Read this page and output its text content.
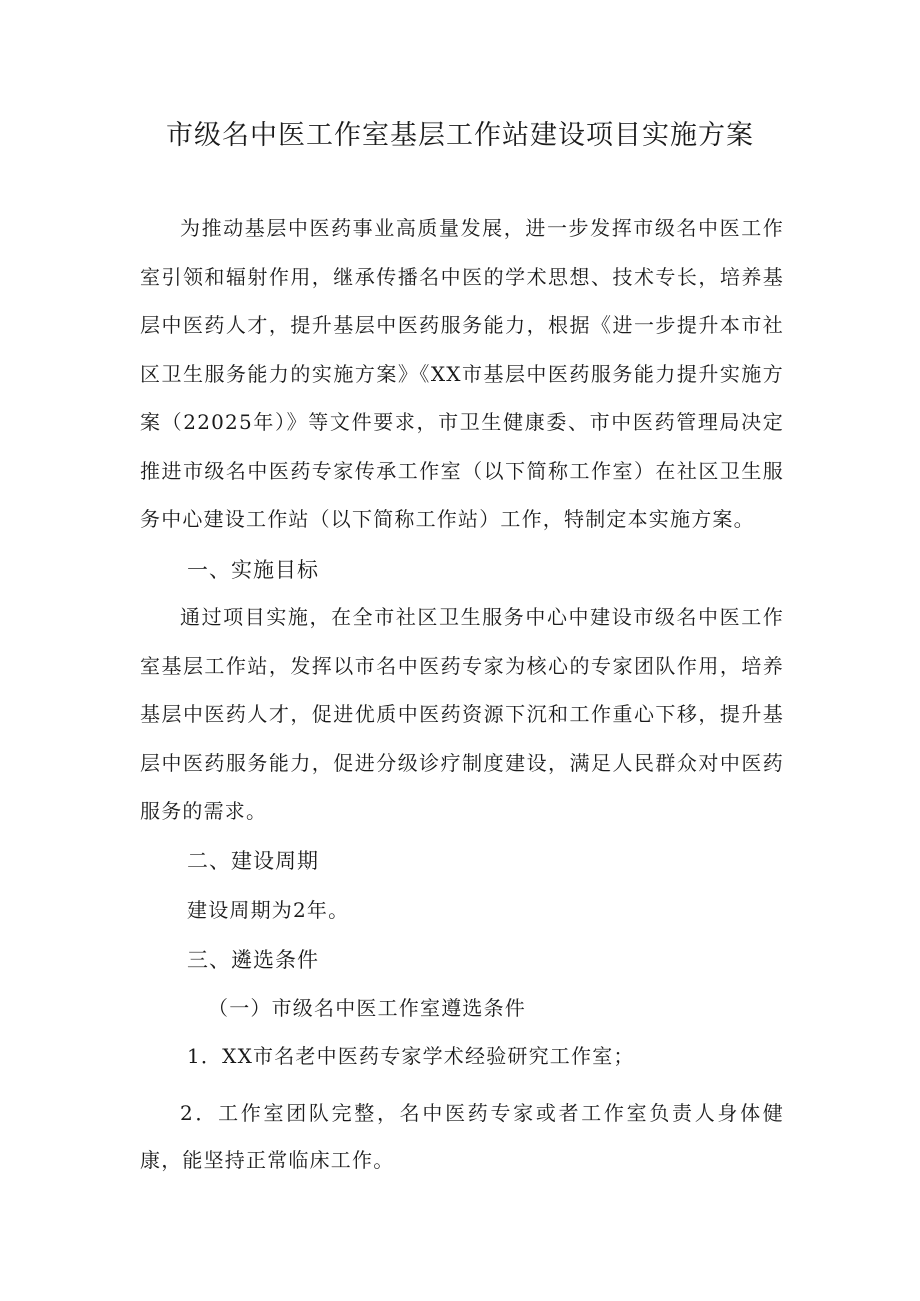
市级名中医工作室基层工作站建设项目实施方案

为推动基层中医药事业高质量发展，进一步发挥市级名中医工作室引领和辐射作用，继承传播名中医的学术思想、技术专长，培养基层中医药人才，提升基层中医药服务能力，根据《进一步提升本市社区卫生服务能力的实施方案》《XX市基层中医药服务能力提升实施方案（22025年）》等文件要求，市卫生健康委、市中医药管理局决定推进市级名中医药专家传承工作室（以下简称工作室）在社区卫生服务中心建设工作站（以下简称工作站）工作，特制定本实施方案。

一、实施目标

通过项目实施，在全市社区卫生服务中心中建设市级名中医工作室基层工作站，发挥以市名中医药专家为核心的专家团队作用，培养基层中医药人才，促进优质中医药资源下沉和工作重心下移，提升基层中医药服务能力，促进分级诊疗制度建设，满足人民群众对中医药服务的需求。

二、建设周期

建设周期为2年。

三、遴选条件

（一）市级名中医工作室遵选条件

1．XX市名老中医药专家学术经验研究工作室；

2．工作室团队完整，名中医药专家或者工作室负责人身体健康，能坚持正常临床工作。
